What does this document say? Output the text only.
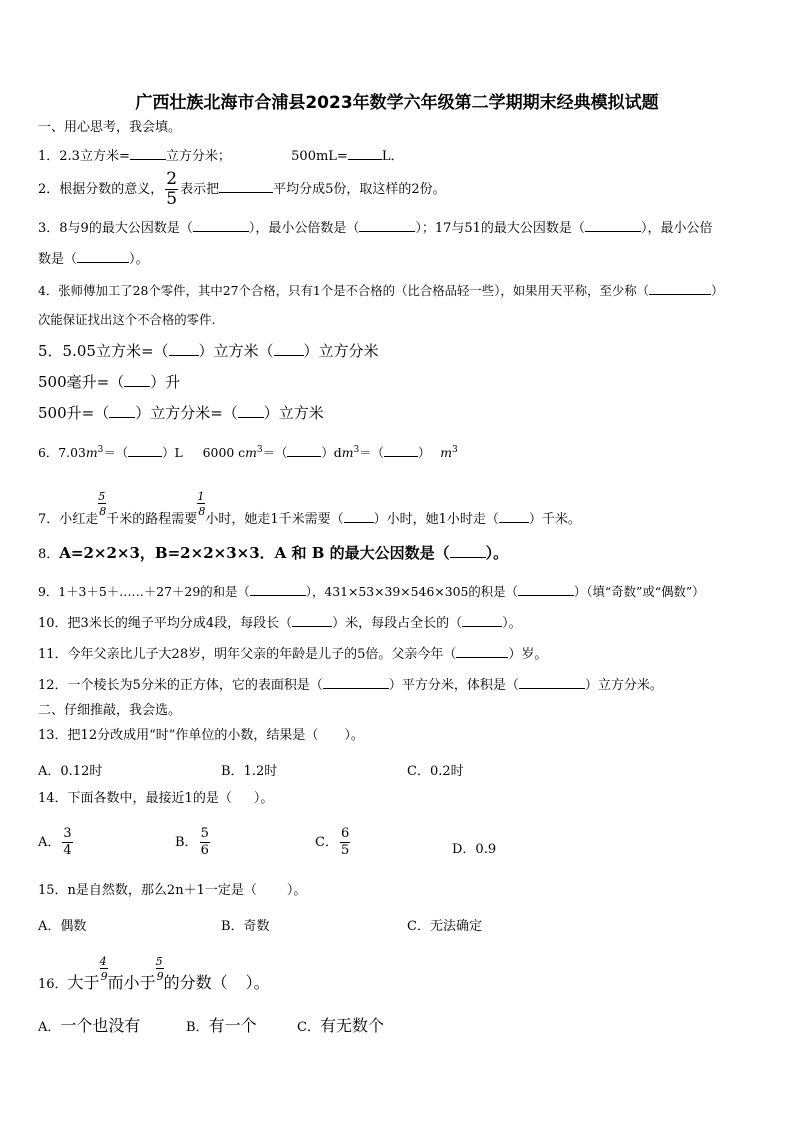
广西壮族北海市合浦县2023年数学六年级第二学期期末经典模拟试题
一、用心思考，我会填。
1．2.3立方米=	立方分米；	500mL=	L．
2．根据分数的意义， $\frac{2}{5}$ 表示把	平均分成5份，取这样的2份。
3．8与9的最大公因数是（	），最小公倍数是（	）；17与51的最大公因数是（	），最小公倍
数是（	）。
4．张师傅加工了28个零件，其中27个合格，只有1个是不合格的（比合格品轻一些），如果用天平称，至少称（	）
次能保证找出这个不合格的零件.
5．5.05立方米=（ ）立方米（ ）立方分米
500毫升=（ ）升
500升=（ ）立方分米=（ ）立方米
6．$7.03m^3=$（	）L 6000 $cm^3=$（	）$dm^3=$（	） $m^3$
7．小红走 $\frac{5}{8}$ 千米的路程需要 $\frac{1}{8}$ 小时，她走1千米需要（ ）小时，她1小时走（ ）千米。
8．A=2×2×3，B=2×2×3×3．A 和 B 的最大公因数是（ ）。
9．1＋3＋5＋……＋27＋29的和是（	），431×53×39×546×305的积是（	）（填“奇数”或“偶数”）
10．把3米长的绳子平均分成4段，每段长（	）米，每段占全长的（	）。
11．今年父亲比儿子大28岁，明年父亲的年龄是儿子的5倍。父亲今年（	）岁。
12．一个棱长为5分米的正方体，它的表面积是（	）平方分米，体积是（	）立方分米。
二、仔细推敲，我会选。
13．把12分改成用“时”作单位的小数，结果是（ ）。
A．0.12时	B．1.2时	C．0.2时
14．下面各数中，最接近1的是（ ）。
A． $\frac{3}{4}$	B． $\frac{5}{6}$	C． $\frac{6}{5}$	D．0.9
15．n是自然数，那么2n＋1一定是（ ）。
A．偶数	B．奇数	C．无法确定
16．大于 $\frac{4}{9}$ 而小于 $\frac{5}{9}$ 的分数（ ）。
A．一个也没有	B．有一个	C．有无数个
